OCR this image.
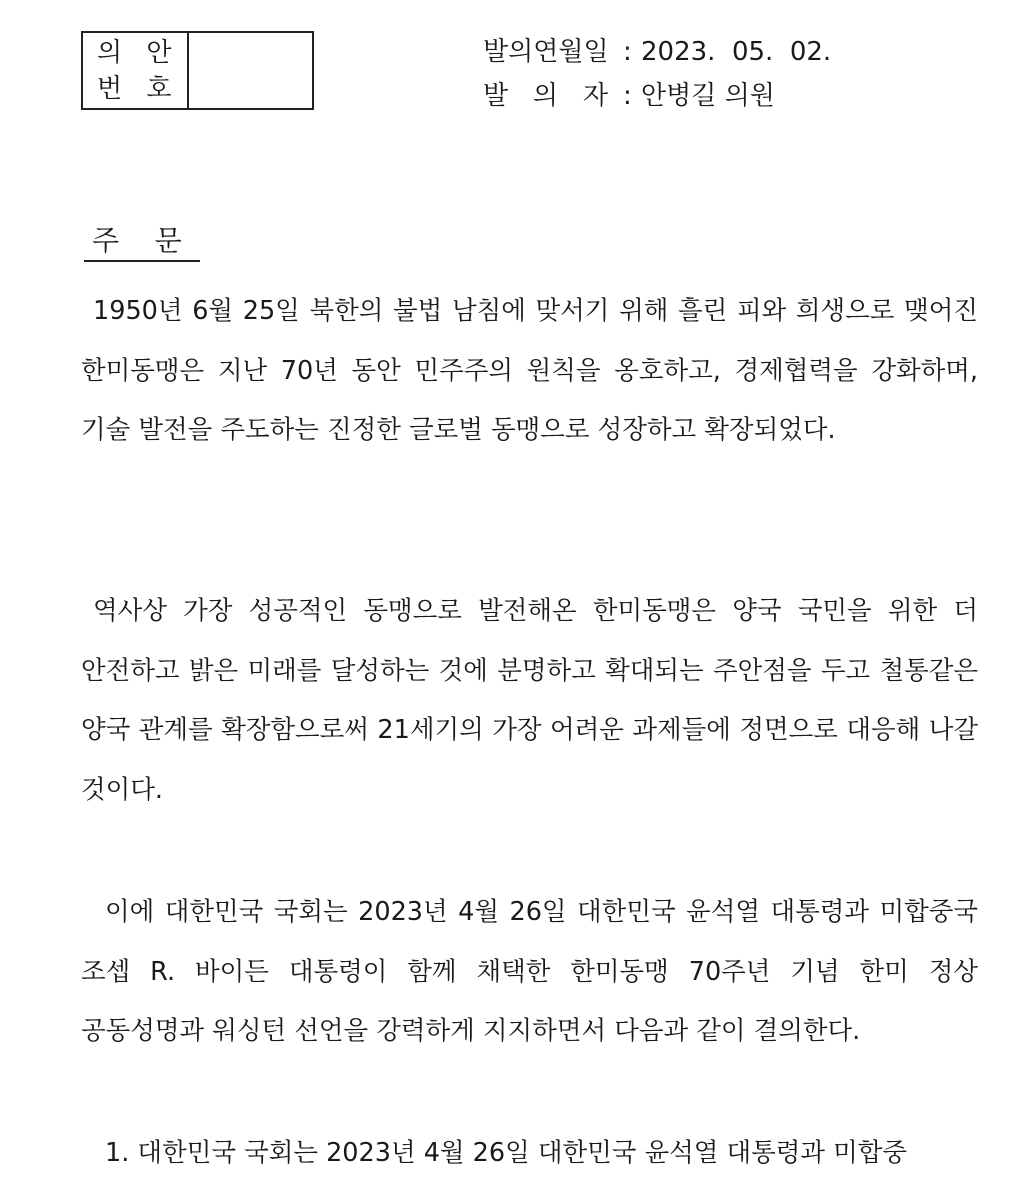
의 안
번 호
발의연월일 : 2023.  05.  02.
발   의   자 : 안병길 의원
주    문
1950년 6월 25일 북한의 불법 남침에 맞서기 위해 흘린 피와 희생으로 맺어진 한미동맹은 지난 70년 동안 민주주의 원칙을 옹호하고, 경제협력을 강화하며, 기술 발전을 주도하는 진정한 글로벌 동맹으로 성장하고 확장되었다.
역사상 가장 성공적인 동맹으로 발전해온 한미동맹은 양국 국민을 위한 더 안전하고 밝은 미래를 달성하는 것에 분명하고 확대되는 주안점을 두고 철통같은 양국 관계를 확장함으로써 21세기의 가장 어려운 과제들에 정면으로 대응해 나갈 것이다.
이에 대한민국 국회는 2023년 4월 26일 대한민국 윤석열 대통령과 미합중국 조셉 R. 바이든 대통령이 함께 채택한 한미동맹 70주년 기념 한미 정상 공동성명과 워싱턴 선언을 강력하게 지지하면서 다음과 같이 결의한다.
1. 대한민국 국회는 2023년 4월 26일 대한민국 윤석열 대통령과 미합중
